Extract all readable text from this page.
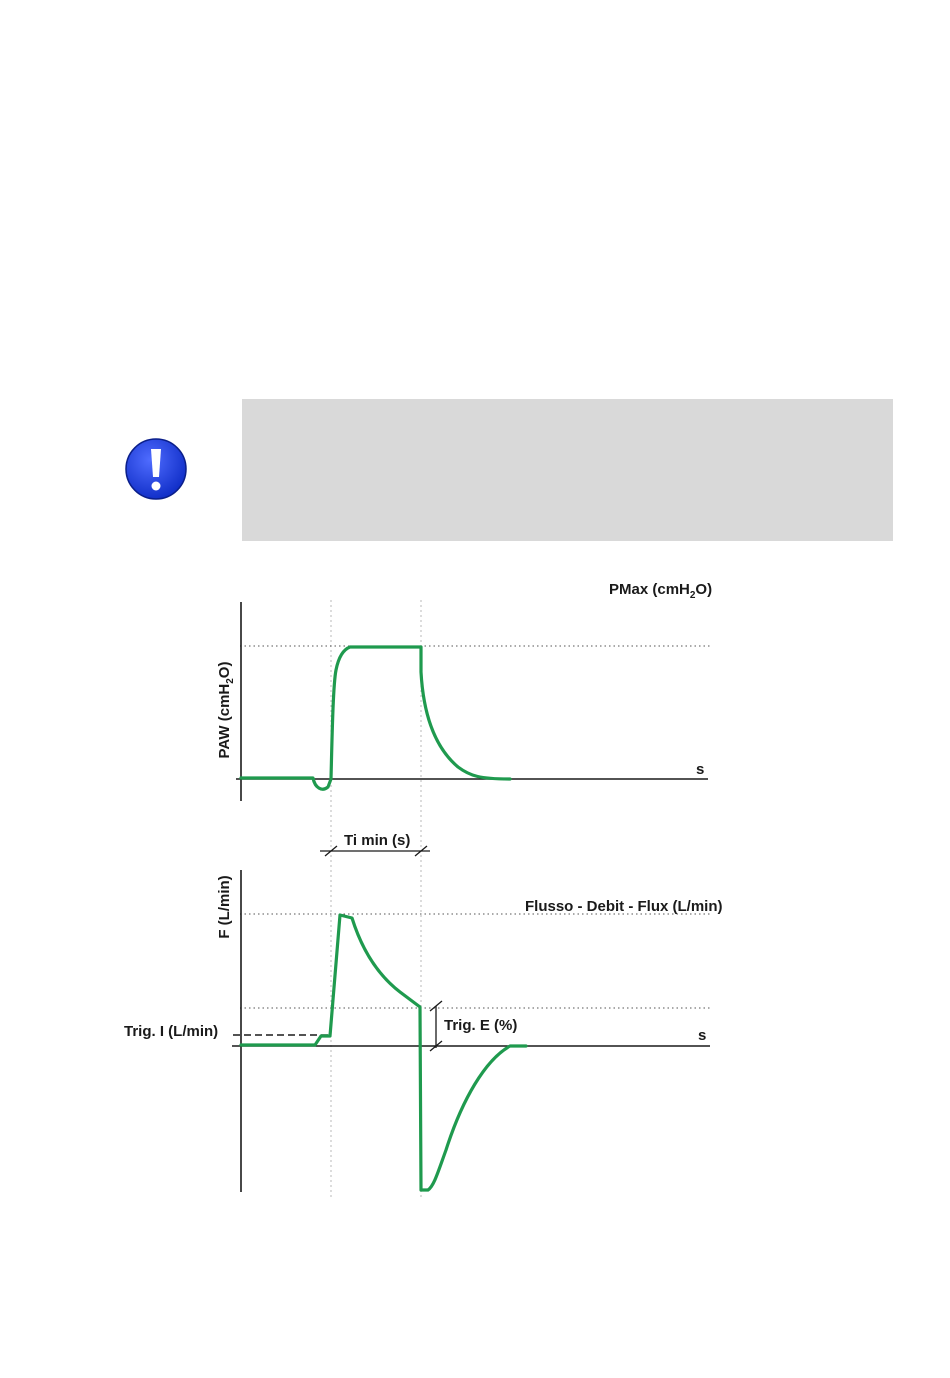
PAW (cmH$_2$O)
s
PMax (cmH$_2$O)
Ti min (s)
F (L/min)	Flusso - Debit - Flux (L/min)
Trig. E (%)
Trig. I (L/min)	s
